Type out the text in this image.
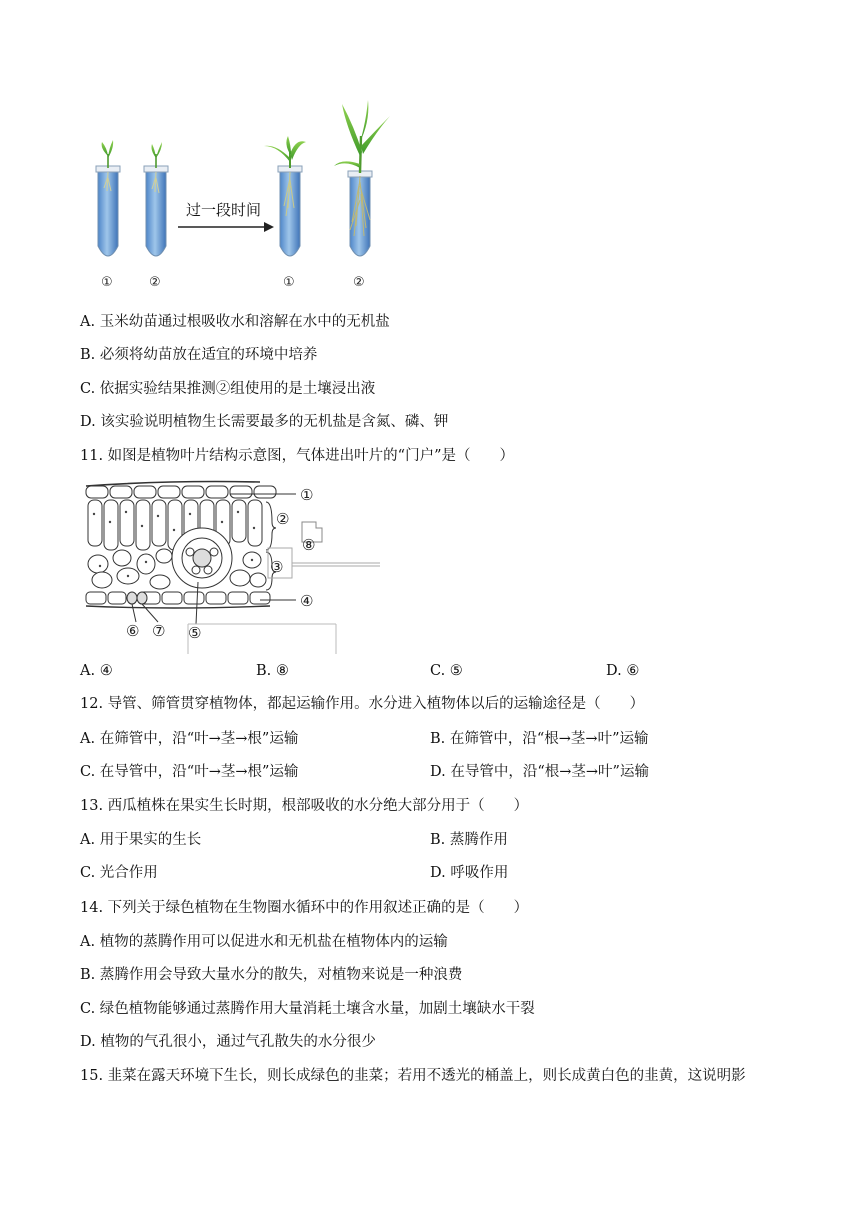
过一段时间
①	②	①	②
A. 玉米幼苗通过根吸收水和溶解在水中的无机盐
B. 必须将幼苗放在适宜的环境中培养
C. 依据实验结果推测②组使用的是土壤浸出液
D. 该实验说明植物生长需要最多的无机盐是含氮、磷、钾
11. 如图是植物叶片结构示意图，气体进出叶片的“门户”是（　　）
①
②
⑧
③
④
⑥ ⑦ ⑤
A. ④	B. ⑧	C. ⑤	D. ⑥
12. 导管、筛管贯穿植物体，都起运输作用。水分进入植物体以后的运输途径是（　　）
A. 在筛管中，沿“叶→茎→根”运输	B. 在筛管中，沿“根→茎→叶”运输
C. 在导管中，沿“叶→茎→根”运输	D. 在导管中，沿“根→茎→叶”运输
13. 西瓜植株在果实生长时期，根部吸收的水分绝大部分用于（　　）
A. 用于果实的生长	B. 蒸腾作用
C. 光合作用	D. 呼吸作用
14. 下列关于绿色植物在生物圈水循环中的作用叙述正确的是（　　）
A. 植物的蒸腾作用可以促进水和无机盐在植物体内的运输
B. 蒸腾作用会导致大量水分的散失，对植物来说是一种浪费
C. 绿色植物能够通过蒸腾作用大量消耗土壤含水量，加剧土壤缺水干裂
D. 植物的气孔很小，通过气孔散失的水分很少
15. 韭菜在露天环境下生长，则长成绿色的韭菜；若用不透光的桶盖上，则长成黄白色的韭黄，这说明影
